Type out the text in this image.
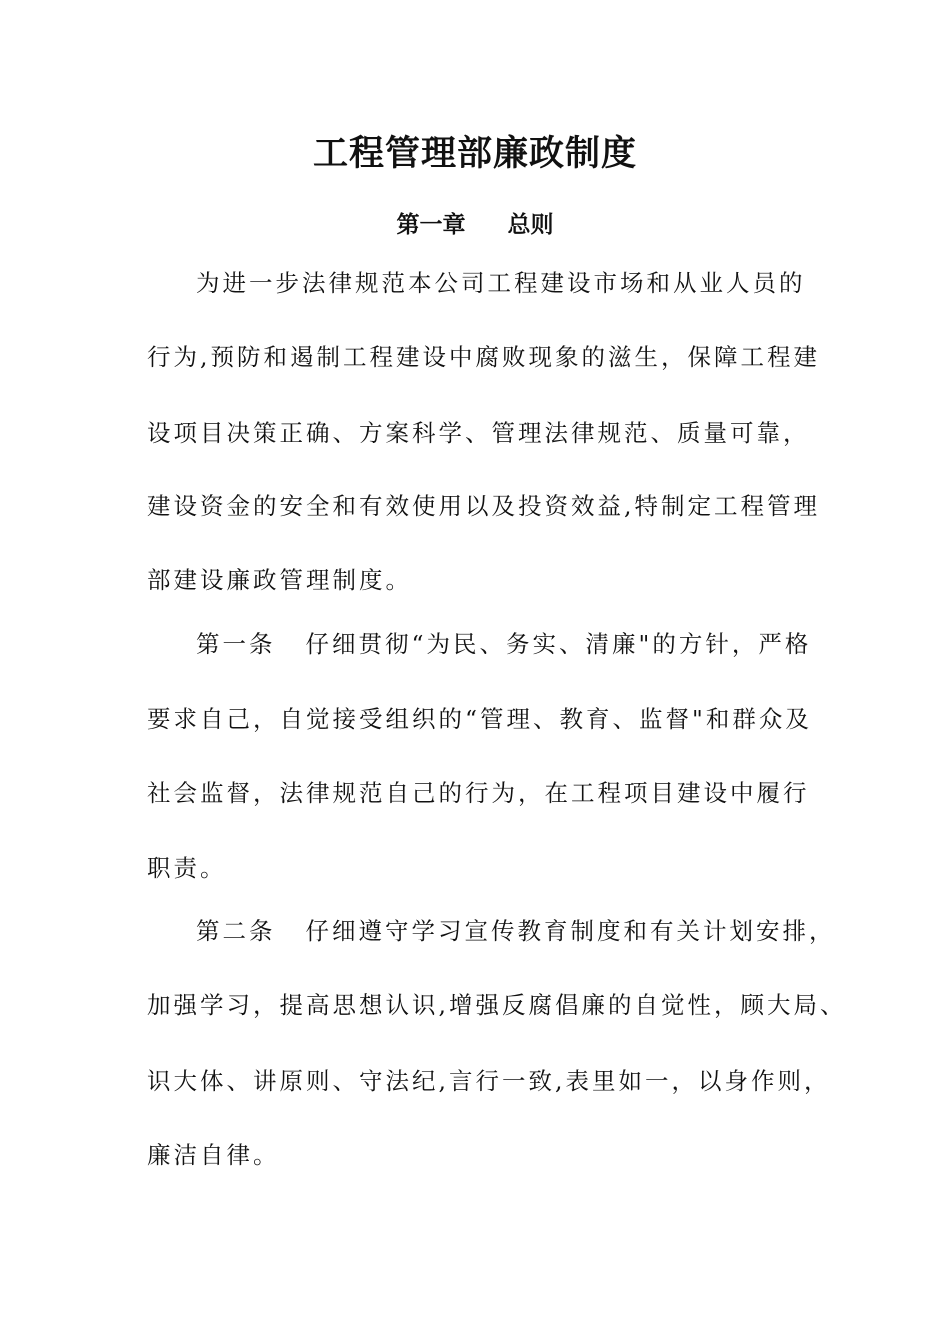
工程管理部廉政制度
第一章 总则
为进一步法律规范本公司工程建设市场和从业人员的
行为,预防和遏制工程建设中腐败现象的滋生，保障工程建
设项目决策正确、方案科学、管理法律规范、质量可靠，
建设资金的安全和有效使用以及投资效益,特制定工程管理
部建设廉政管理制度。
第一条 仔细贯彻“为民、务实、清廉"的方针，严格
要求自己，自觉接受组织的“管理、教育、监督"和群众及
社会监督，法律规范自己的行为，在工程项目建设中履行
职责。
第二条 仔细遵守学习宣传教育制度和有关计划安排，
加强学习，提高思想认识,增强反腐倡廉的自觉性，顾大局、
识大体、讲原则、守法纪,言行一致,表里如一，以身作则，
廉洁自律。
